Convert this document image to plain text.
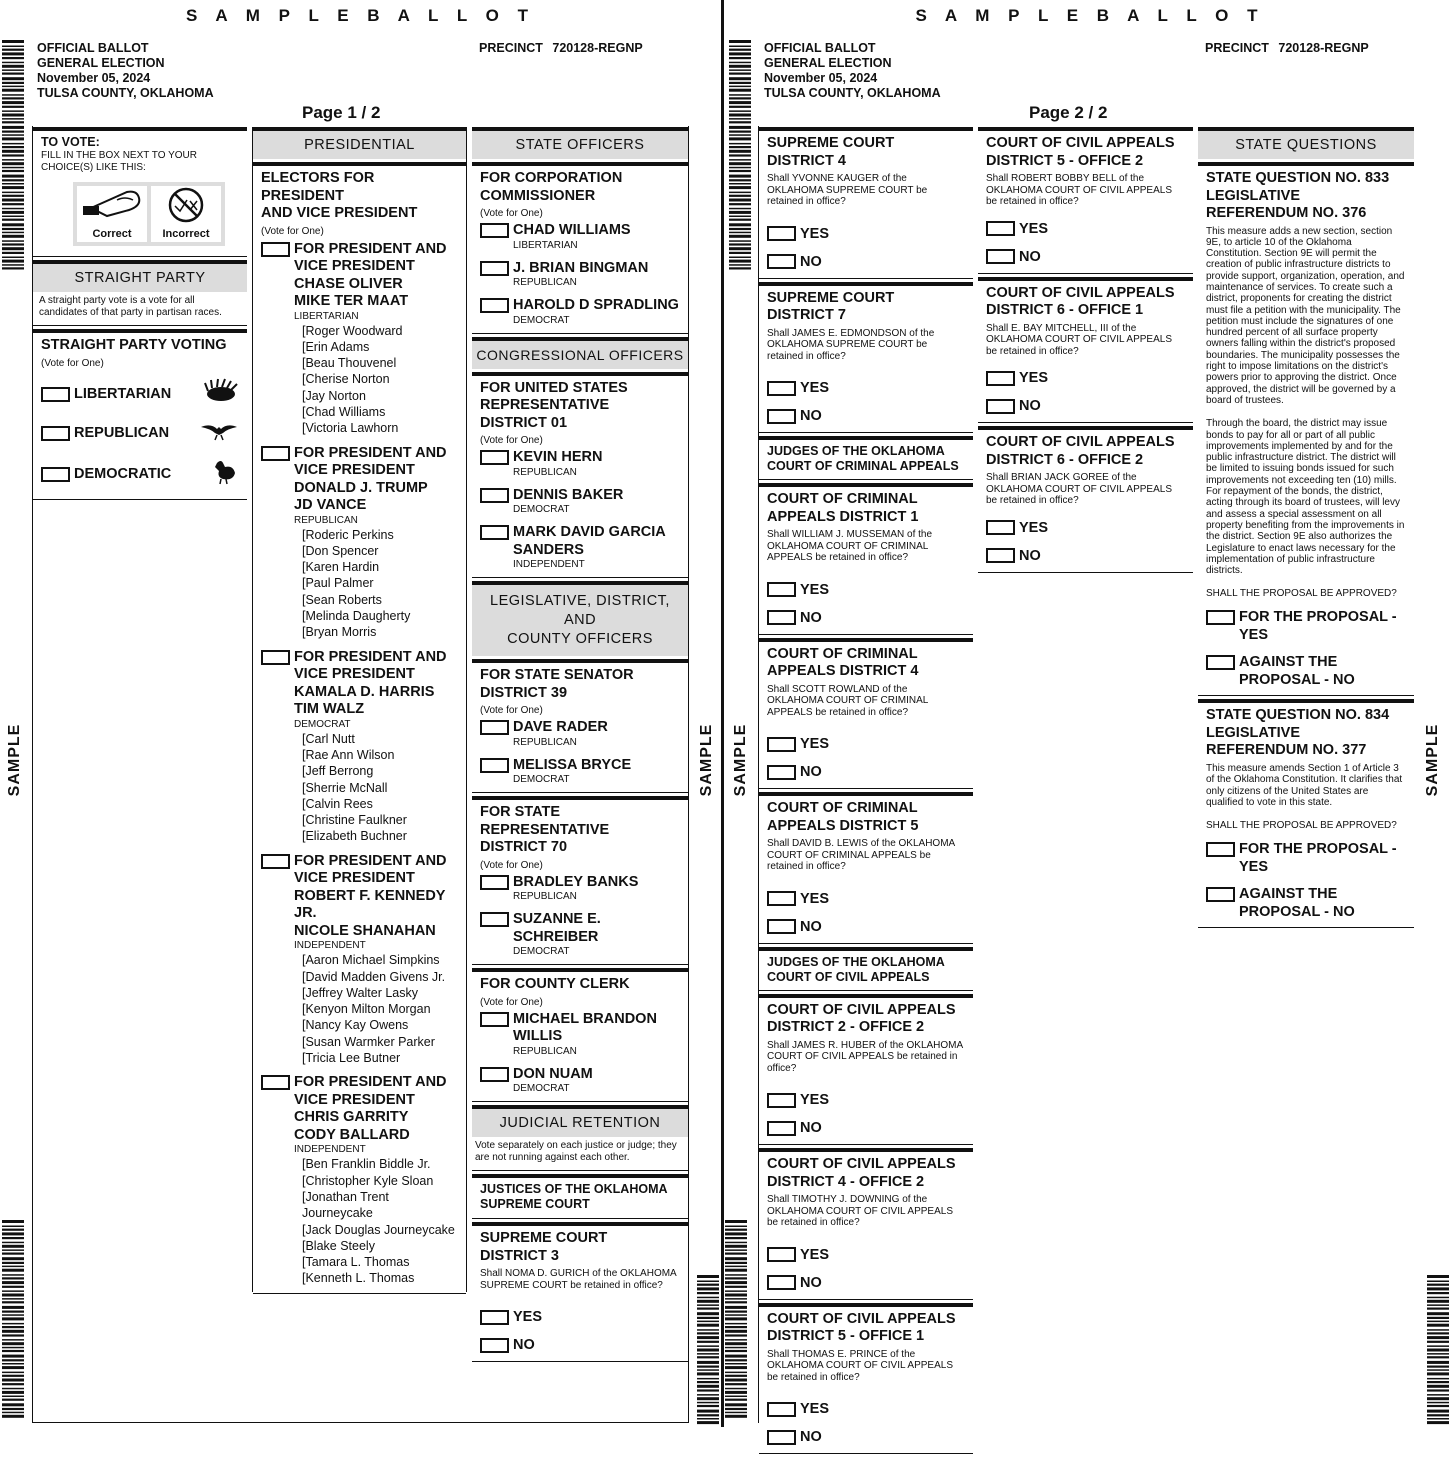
S A M P L E B A L L O T
OFFICIAL BALLOT
GENERAL ELECTION
November 05, 2024
TULSA COUNTY, OKLAHOMA
PRECINCT 720128-REGNP
Page 1 / 2
SAMPLE
TO VOTE:
FILL IN THE BOX NEXT TO YOUR CHOICE(S) LIKE THIS:
Correct	Incorrect
STRAIGHT PARTY
A straight party vote is a vote for all candidates of that party in partisan races.
STRAIGHT PARTY VOTING
(Vote for One)
LIBERTARIAN
REPUBLICAN
DEMOCRATIC
PRESIDENTIAL
ELECTORS FOR
PRESIDENT
AND VICE PRESIDENT
(Vote for One)
FOR PRESIDENT AND
VICE PRESIDENT
CHASE OLIVER
MIKE TER MAAT
LIBERTARIAN
[Roger Woodward
[Erin Adams
[Beau Thouvenel
[Cherise Norton
[Jay Norton
[Chad Williams
[Victoria Lawhorn
FOR PRESIDENT AND
VICE PRESIDENT
DONALD J. TRUMP
JD VANCE
REPUBLICAN
[Roderic Perkins
[Don Spencer
[Karen Hardin
[Paul Palmer
[Sean Roberts
[Melinda Daugherty
[Bryan Morris
FOR PRESIDENT AND
VICE PRESIDENT
KAMALA D. HARRIS
TIM WALZ
DEMOCRAT
[Carl Nutt
[Rae Ann Wilson
[Jeff Berrong
[Sherrie McNall
[Calvin Rees
[Christine Faulkner
[Elizabeth Buchner
FOR PRESIDENT AND
VICE PRESIDENT
ROBERT F. KENNEDY
JR.
NICOLE SHANAHAN
INDEPENDENT
[Aaron Michael Simpkins
[David Madden Givens Jr.
[Jeffrey Walter Lasky
[Kenyon Milton Morgan
[Nancy Kay Owens
[Susan Warmker Parker
[Tricia Lee Butner
FOR PRESIDENT AND
VICE PRESIDENT
CHRIS GARRITY
CODY BALLARD
INDEPENDENT
[Ben Franklin Biddle Jr.
[Christopher Kyle Sloan
[Jonathan Trent Journeycake
[Jack Douglas Journeycake
[Blake Steely
[Tamara L. Thomas
[Kenneth L. Thomas
STATE OFFICERS
FOR CORPORATION
COMMISSIONER
(Vote for One)
CHAD WILLIAMS
LIBERTARIAN
J. BRIAN BINGMAN
REPUBLICAN
HAROLD D SPRADLING
DEMOCRAT
CONGRESSIONAL OFFICERS
FOR UNITED STATES
REPRESENTATIVE
DISTRICT 01
(Vote for One)
KEVIN HERN
REPUBLICAN
DENNIS BAKER
DEMOCRAT
MARK DAVID GARCIA
SANDERS
INDEPENDENT
LEGISLATIVE, DISTRICT, AND
COUNTY OFFICERS
FOR STATE SENATOR
DISTRICT 39
(Vote for One)
DAVE RADER
REPUBLICAN
MELISSA BRYCE
DEMOCRAT
FOR STATE
REPRESENTATIVE
DISTRICT 70
(Vote for One)
BRADLEY BANKS
REPUBLICAN
SUZANNE E.
SCHREIBER
DEMOCRAT
FOR COUNTY CLERK
(Vote for One)
MICHAEL BRANDON
WILLIS
REPUBLICAN
DON NUAM
DEMOCRAT
JUDICIAL RETENTION
Vote separately on each justice or judge; they are not running against each other.
JUSTICES OF THE OKLAHOMA
SUPREME COURT
SUPREME COURT
DISTRICT 3
Shall NOMA D. GURICH of the OKLAHOMA SUPREME COURT be retained in office?
YES
NO
S A M P L E B A L L O T
OFFICIAL BALLOT
GENERAL ELECTION
November 05, 2024
TULSA COUNTY, OKLAHOMA
PRECINCT 720128-REGNP
Page 2 / 2
SAMPLE SAMPLE	SAMPLE
SUPREME COURT
DISTRICT 4
Shall YVONNE KAUGER of the OKLAHOMA SUPREME COURT be retained in office?
YES
NO
SUPREME COURT
DISTRICT 7
Shall JAMES E. EDMONDSON of the OKLAHOMA SUPREME COURT be retained in office?
YES
NO
JUDGES OF THE OKLAHOMA
COURT OF CRIMINAL APPEALS
COURT OF CRIMINAL
APPEALS DISTRICT 1
Shall WILLIAM J. MUSSEMAN of the OKLAHOMA COURT OF CRIMINAL APPEALS be retained in office?
YES
NO
COURT OF CRIMINAL
APPEALS DISTRICT 4
Shall SCOTT ROWLAND of the OKLAHOMA COURT OF CRIMINAL APPEALS be retained in office?
YES
NO
COURT OF CRIMINAL
APPEALS DISTRICT 5
Shall DAVID B. LEWIS of the OKLAHOMA COURT OF CRIMINAL APPEALS be retained in office?
YES
NO
JUDGES OF THE OKLAHOMA
COURT OF CIVIL APPEALS
COURT OF CIVIL APPEALS
DISTRICT 2 - OFFICE 2
Shall JAMES R. HUBER of the OKLAHOMA COURT OF CIVIL APPEALS be retained in office?
YES
NO
COURT OF CIVIL APPEALS
DISTRICT 4 - OFFICE 2
Shall TIMOTHY J. DOWNING of the OKLAHOMA COURT OF CIVIL APPEALS be retained in office?
YES
NO
COURT OF CIVIL APPEALS
DISTRICT 5 - OFFICE 1
Shall THOMAS E. PRINCE of the OKLAHOMA COURT OF CIVIL APPEALS be retained in office?
YES
NO
COURT OF CIVIL APPEALS
DISTRICT 5 - OFFICE 2
Shall ROBERT BOBBY BELL of the OKLAHOMA COURT OF CIVIL APPEALS be retained in office?
YES
NO
COURT OF CIVIL APPEALS
DISTRICT 6 - OFFICE 1
Shall E. BAY MITCHELL, III of the OKLAHOMA COURT OF CIVIL APPEALS be retained in office?
YES
NO
COURT OF CIVIL APPEALS
DISTRICT 6 - OFFICE 2
Shall BRIAN JACK GOREE of the OKLAHOMA COURT OF CIVIL APPEALS be retained in office?
YES
NO
STATE QUESTIONS
STATE QUESTION NO. 833
LEGISLATIVE
REFERENDUM NO. 376
This measure adds a new section, section 9E, to article 10 of the Oklahoma Constitution. Section 9E will permit the creation of public infrastructure districts to provide support, organization, operation, and maintenance of services. To create such a district, proponents for creating the district must file a petition with the municipality. The petition must include the signatures of one hundred percent of all surface property owners falling within the district's proposed boundaries. The municipality possesses the right to impose limitations on the district's powers prior to approving the district. Once approved, the district will be governed by a board of trustees.
Through the board, the district may issue bonds to pay for all or part of all public improvements implemented by and for the public infrastructure district. The district will be limited to issuing bonds issued for such improvements not exceeding ten (10) mills. For repayment of the bonds, the district, acting through its board of trustees, will levy and assess a special assessment on all property benefiting from the improvements in the district. Section 9E also authorizes the Legislature to enact laws necessary for the implementation of public infrastructure districts.
SHALL THE PROPOSAL BE APPROVED?
FOR THE PROPOSAL -
YES
AGAINST THE
PROPOSAL - NO
STATE QUESTION NO. 834
LEGISLATIVE
REFERENDUM NO. 377
This measure amends Section 1 of Article 3 of the Oklahoma Constitution. It clarifies that only citizens of the United States are qualified to vote in this state.
SHALL THE PROPOSAL BE APPROVED?
FOR THE PROPOSAL -
YES
AGAINST THE
PROPOSAL - NO
